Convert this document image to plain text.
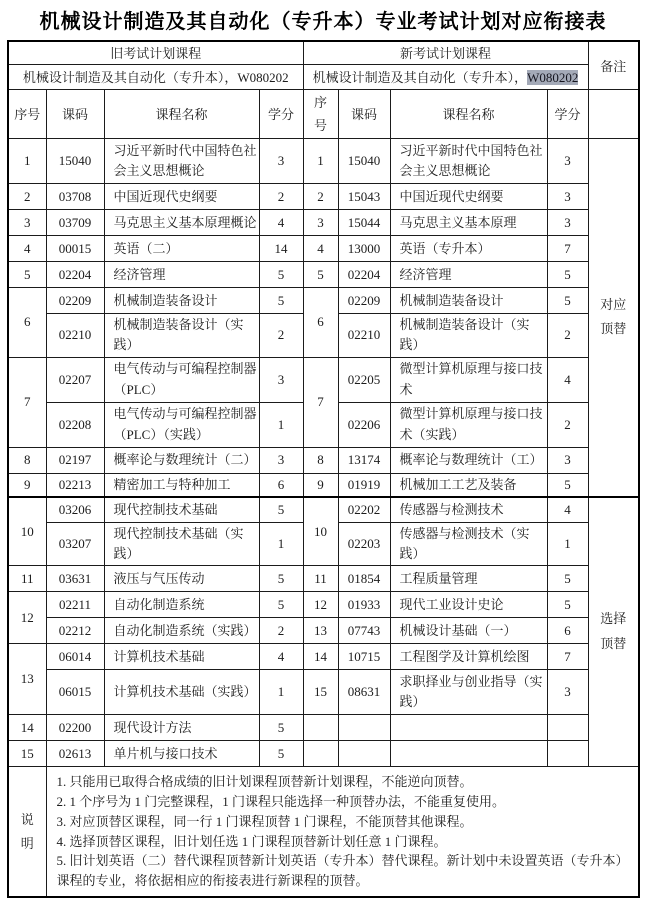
机械设计制造及其自动化（专升本）专业考试计划对应衔接表
旧考试计划课程				新考试计划课程				备注
机械设计制造及其自动化（专升本），W080202				机械设计制造及其自动化（专升本），W080202				
序号	课码	课程名称	学分	序号	课码	课程名称	学分	
1	15040	习近平新时代中国特色社会主义思想概论	3	1	15040	习近平新时代中国特色社会主义思想概论	3	对应顶替
2	03708	中国近现代史纲要	2	2	15043	中国近现代史纲要	3	
3	03709	马克思主义基本原理概论	4	3	15044	马克思主义基本原理	3	
4	00015	英语（二）	14	4	13000	英语（专升本）	7	
5	02204	经济管理	5	5	02204	经济管理	5	
6	02209	机械制造装备设计	5	6	02209	机械制造装备设计	5	
	02210	机械制造装备设计（实践）	2		02210	机械制造装备设计（实践）	2	
7	02207	电气传动与可编程控制器（PLC）	3	7	02205	微型计算机原理与接口技术	4	
	02208	电气传动与可编程控制器（PLC）（实践）	1		02206	微型计算机原理与接口技术（实践）	2	
8	02197	概率论与数理统计（二）	3	8	13174	概率论与数理统计（工）	3	
9	02213	精密加工与特种加工	6	9	01919	机械加工工艺及装备	5	
10	03206	现代控制技术基础	5	10	02202	传感器与检测技术	4	选择顶替
	03207	现代控制技术基础（实践）	1		02203	传感器与检测技术（实践）	1	
11	03631	液压与气压传动	5	11	01854	工程质量管理	5	
12	02211	自动化制造系统	5	12	01933	现代工业设计史论	5	
	02212	自动化制造系统（实践）	2	13	07743	机械设计基础（一）	6	
13	06014	计算机技术基础	4	14	10715	工程图学及计算机绘图	7	
	06015	计算机技术基础（实践）	1	15	08631	求职择业与创业指导（实践）	3	
14	02200	现代设计方法	5					
15	02613	单片机与接口技术	5					
说明	1. 只能用已取得合格成绩的旧计划课程顶替新计划课程，不能逆向顶替。
2. 1 个序号为 1 门完整课程，1 门课程只能选择一种顶替办法，不能重复使用。
3. 对应顶替区课程，同一行 1 门课程顶替 1 门课程，不能顶替其他课程。
4. 选择顶替区课程，旧计划任选 1 门课程顶替新计划任意 1 门课程。
5. 旧计划英语（二）替代课程顶替新计划英语（专升本）替代课程。新计划中未设置英语（专升本）课程的专业，将依据相应的衔接表进行新课程的顶替。							
